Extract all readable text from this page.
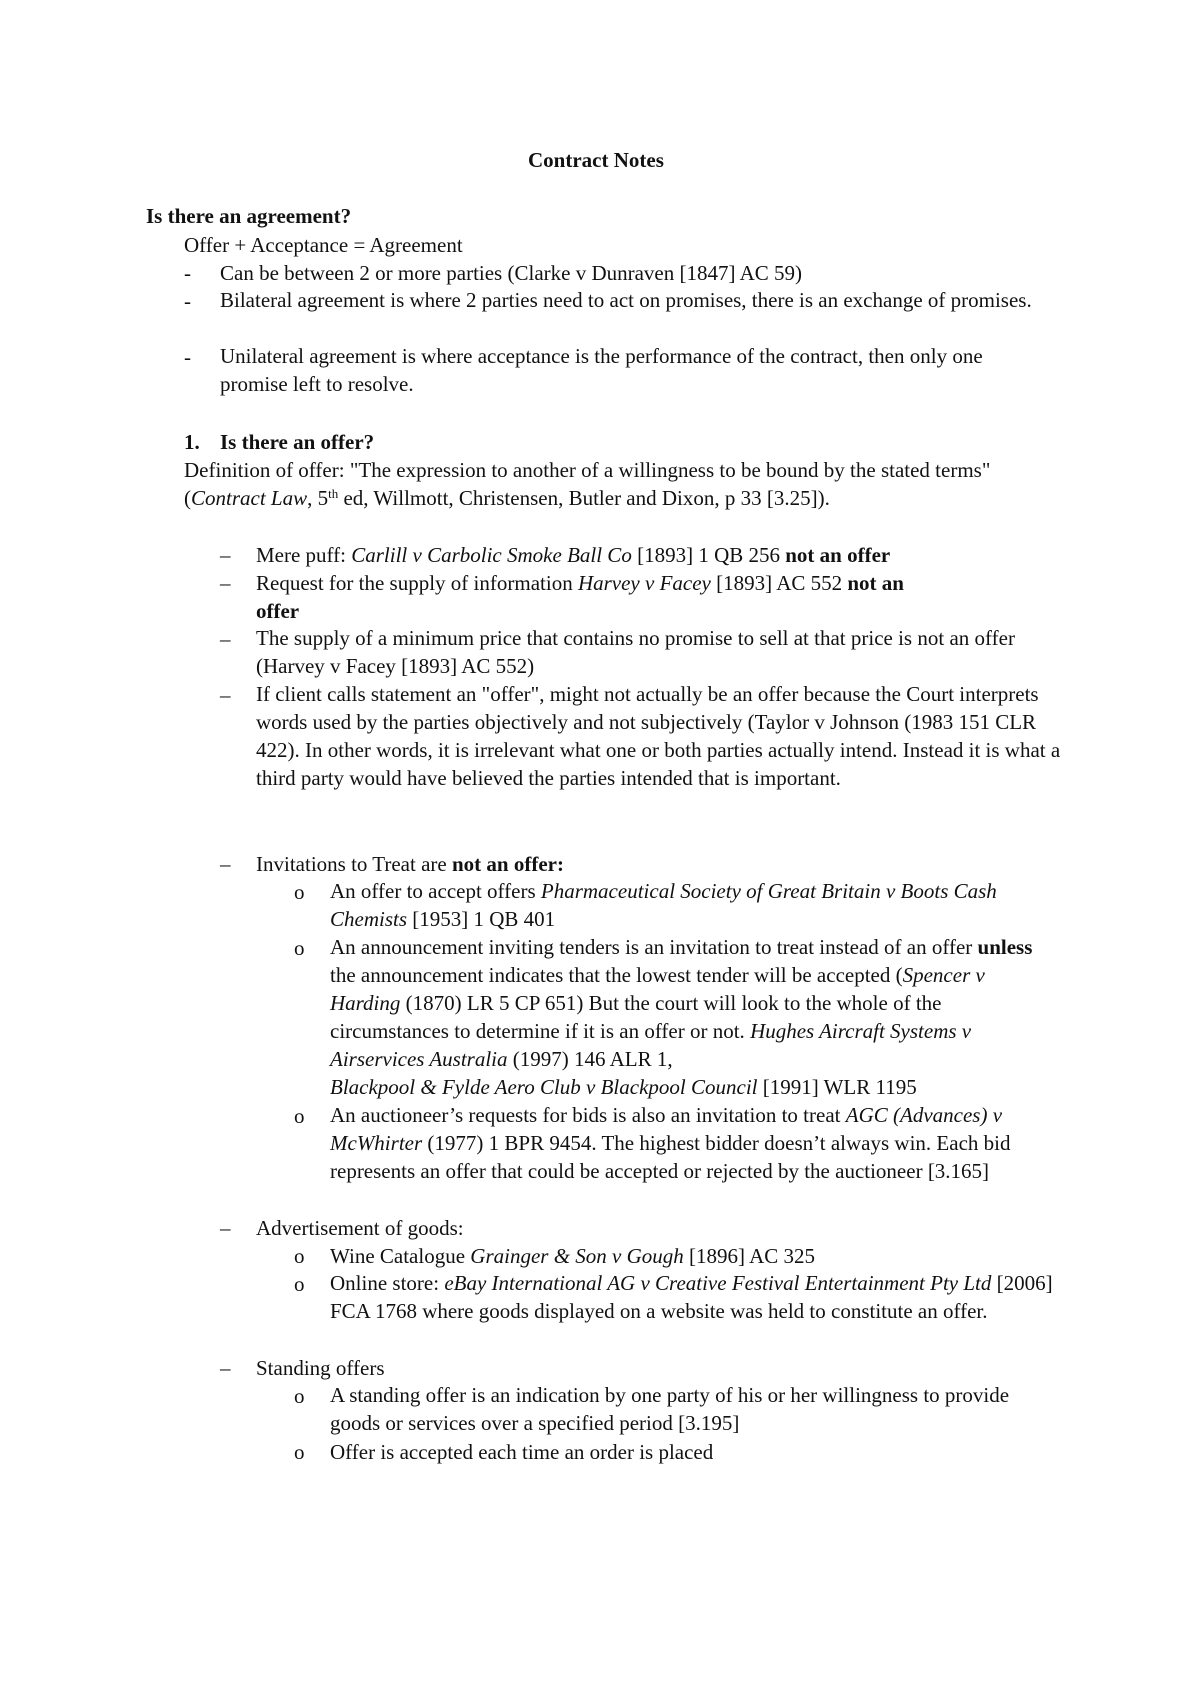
Contract Notes
Is there an agreement?
Offer + Acceptance = Agreement
- Can be between 2 or more parties (Clarke v Dunraven [1847] AC 59)
- Bilateral agreement is where 2 parties need to act on promises, there is an exchange of promises.
- Unilateral agreement is where acceptance is the performance of the contract, then only one promise left to resolve.
1. Is there an offer?
Definition of offer: "The expression to another of a willingness to be bound by the stated terms" (Contract Law, 5th ed, Willmott, Christensen, Butler and Dixon, p 33 [3.25]).
– Mere puff: Carlill v Carbolic Smoke Ball Co [1893] 1 QB 256 not an offer
– Request for the supply of information Harvey v Facey [1893] AC 552 not an
offer
– The supply of a minimum price that contains no promise to sell at that price is not an offer (Harvey v Facey [1893] AC 552)
– If client calls statement an "offer", might not actually be an offer because the Court interprets words used by the parties objectively and not subjectively (Taylor v Johnson (1983 151 CLR 422). In other words, it is irrelevant what one or both parties actually intend. Instead it is what a third party would have believed the parties intended that is important.
– Invitations to Treat are not an offer:
o An offer to accept offers Pharmaceutical Society of Great Britain v Boots Cash Chemists [1953] 1 QB 401
o An announcement inviting tenders is an invitation to treat instead of an offer unless the announcement indicates that the lowest tender will be accepted (Spencer v Harding (1870) LR 5 CP 651) But the court will look to the whole of the circumstances to determine if it is an offer or not. Hughes Aircraft Systems v Airservices Australia (1997) 146 ALR 1,
Blackpool & Fylde Aero Club v Blackpool Council [1991] WLR 1195
o An auctioneer’s requests for bids is also an invitation to treat AGC (Advances) v McWhirter (1977) 1 BPR 9454. The highest bidder doesn’t always win. Each bid represents an offer that could be accepted or rejected by the auctioneer [3.165]
– Advertisement of goods:
o Wine Catalogue Grainger & Son v Gough [1896] AC 325
o Online store: eBay International AG v Creative Festival Entertainment Pty Ltd [2006] FCA 1768 where goods displayed on a website was held to constitute an offer.
– Standing offers
o A standing offer is an indication by one party of his or her willingness to provide goods or services over a specified period [3.195]
o Offer is accepted each time an order is placed
